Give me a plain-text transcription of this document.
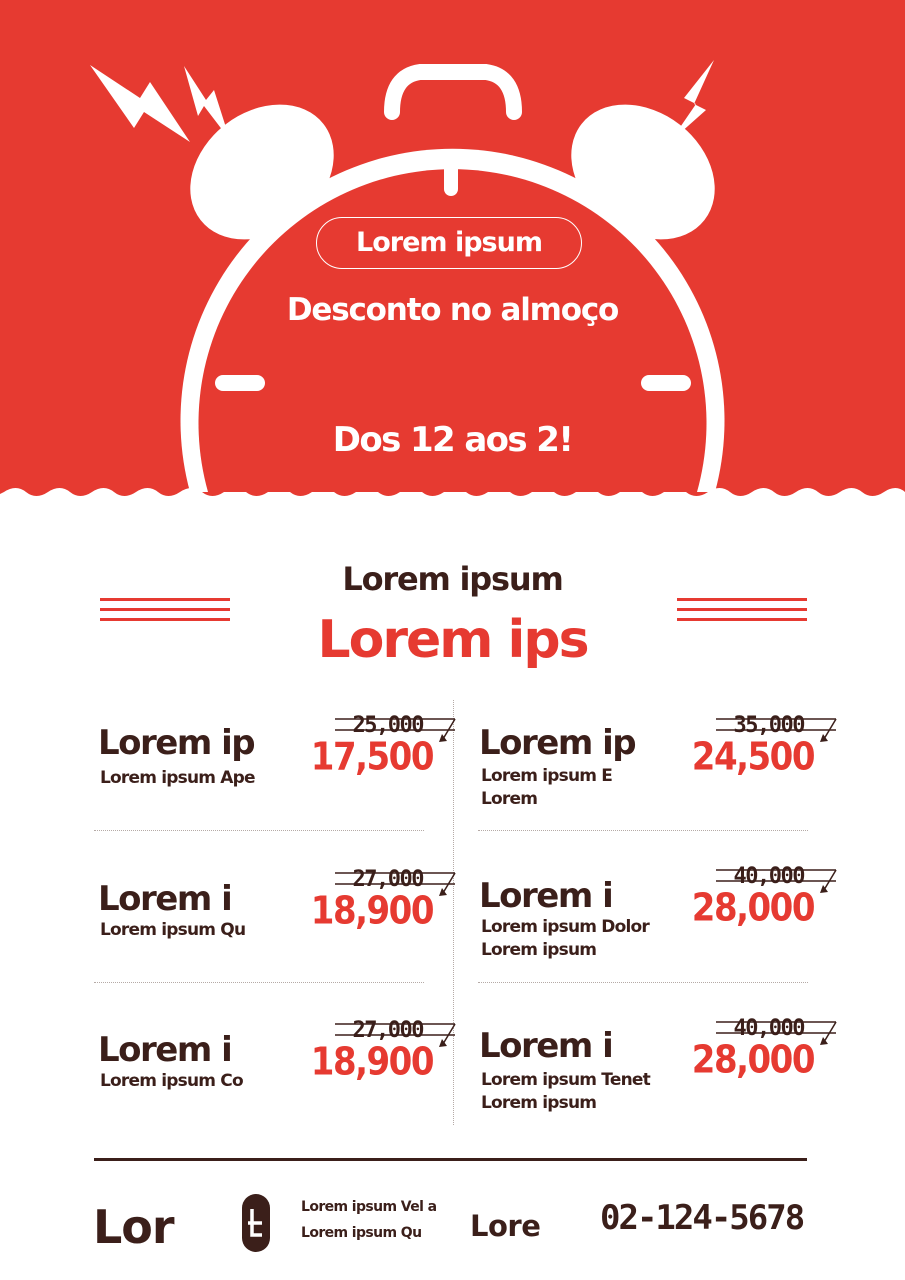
Lorem ipsum
Desconto no almoço
Dos 12 aos 2!
Lorem ipsum
Lorem ips
Lorem ip
Lorem ipsum Ape
25,000
17,500
Lorem i
Lorem ipsum Qu
27,000
18,900
Lorem i
Lorem ipsum Co
27,000
18,900
Lorem ip
Lorem ipsum E Lorem
35,000
24,500
Lorem i
Lorem ipsum Dolor Lorem ipsum
40,000
28,000
Lorem i
Lorem ipsum Tenet Lorem ipsum
40,000
28,000
Lor	Lorem ipsum Vel a
Lorem ipsum Qu	Lore 02-124-5678
